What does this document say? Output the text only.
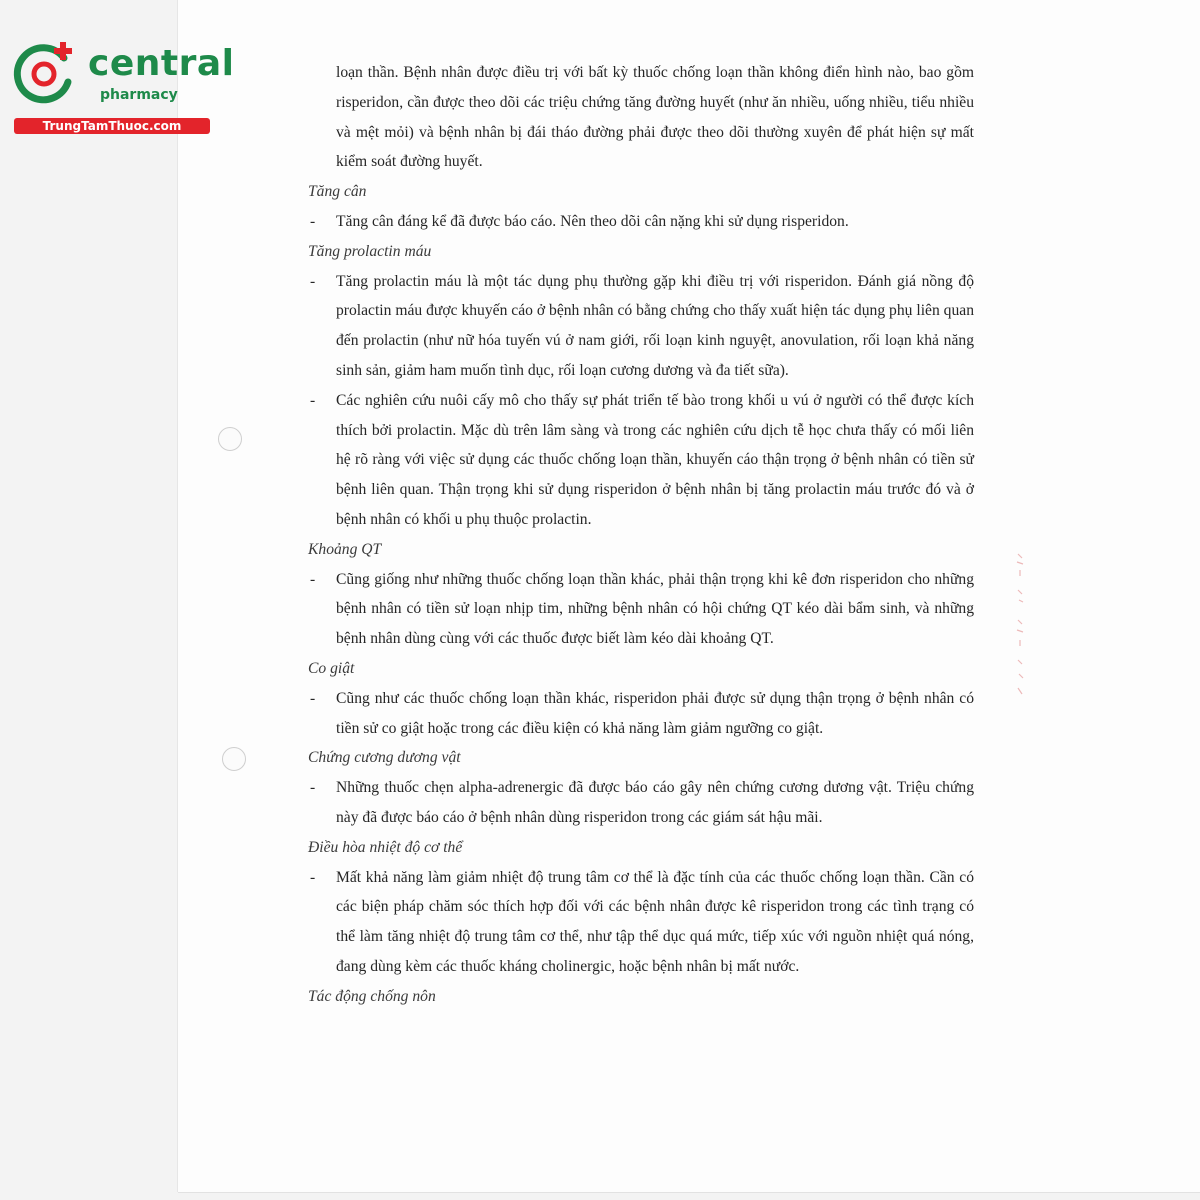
central
pharmacy
TrungTamThuoc.com

loạn thần. Bệnh nhân được điều trị với bất kỳ thuốc chống loạn thần không điển hình nào, bao gồm risperidon, cần được theo dõi các triệu chứng tăng đường huyết (như ăn nhiều, uống nhiều, tiểu nhiều và mệt mỏi) và bệnh nhân bị đái tháo đường phải được theo dõi thường xuyên để phát hiện sự mất kiểm soát đường huyết.

Tăng cân

- Tăng cân đáng kể đã được báo cáo. Nên theo dõi cân nặng khi sử dụng risperidon.

Tăng prolactin máu

- Tăng prolactin máu là một tác dụng phụ thường gặp khi điều trị với risperidon. Đánh giá nồng độ prolactin máu được khuyến cáo ở bệnh nhân có bằng chứng cho thấy xuất hiện tác dụng phụ liên quan đến prolactin (như nữ hóa tuyến vú ở nam giới, rối loạn kinh nguyệt, anovulation, rối loạn khả năng sinh sản, giảm ham muốn tình dục, rối loạn cương dương và đa tiết sữa).

- Các nghiên cứu nuôi cấy mô cho thấy sự phát triển tế bào trong khối u vú ở người có thể được kích thích bởi prolactin. Mặc dù trên lâm sàng và trong các nghiên cứu dịch tễ học chưa thấy có mối liên hệ rõ ràng với việc sử dụng các thuốc chống loạn thần, khuyến cáo thận trọng ở bệnh nhân có tiền sử bệnh liên quan. Thận trọng khi sử dụng risperidon ở bệnh nhân bị tăng prolactin máu trước đó và ở bệnh nhân có khối u phụ thuộc prolactin.

Khoảng QT

- Cũng giống như những thuốc chống loạn thần khác, phải thận trọng khi kê đơn risperidon cho những bệnh nhân có tiền sử loạn nhịp tim, những bệnh nhân có hội chứng QT kéo dài bẩm sinh, và những bệnh nhân dùng cùng với các thuốc được biết làm kéo dài khoảng QT.

Co giật

- Cũng như các thuốc chống loạn thần khác, risperidon phải được sử dụng thận trọng ở bệnh nhân có tiền sử co giật hoặc trong các điều kiện có khả năng làm giảm ngưỡng co giật.

Chứng cương dương vật

- Những thuốc chẹn alpha-adrenergic đã được báo cáo gây nên chứng cương dương vật. Triệu chứng này đã được báo cáo ở bệnh nhân dùng risperidon trong các giám sát hậu mãi.

Điều hòa nhiệt độ cơ thể

- Mất khả năng làm giảm nhiệt độ trung tâm cơ thể là đặc tính của các thuốc chống loạn thần. Cần có các biện pháp chăm sóc thích hợp đối với các bệnh nhân được kê risperidon trong các tình trạng có thể làm tăng nhiệt độ trung tâm cơ thể, như tập thể dục quá mức, tiếp xúc với nguồn nhiệt quá nóng, đang dùng kèm các thuốc kháng cholinergic, hoặc bệnh nhân bị mất nước.

Tác động chống nôn
